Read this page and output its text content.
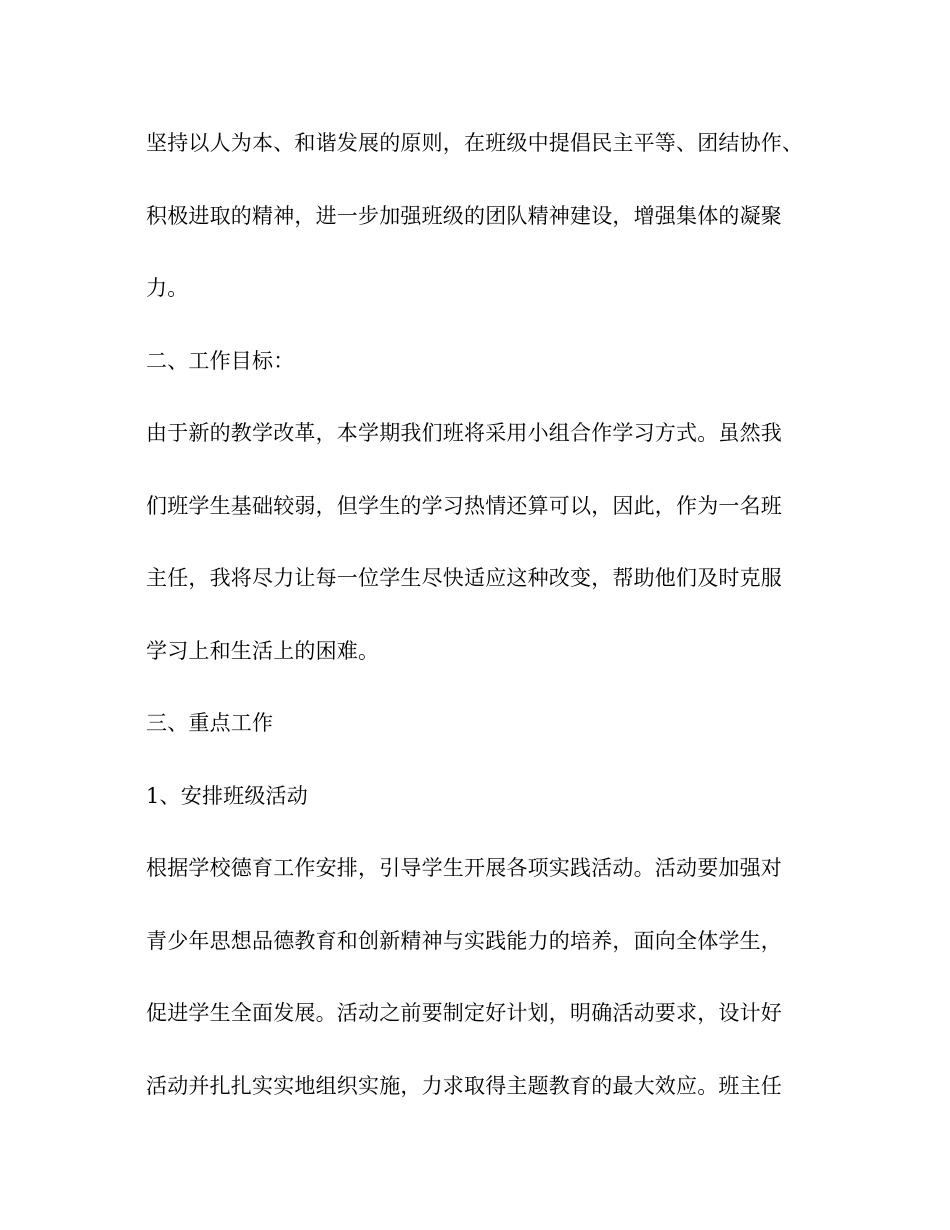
坚持以人为本、和谐发展的原则，在班级中提倡民主平等、团结协作、
积极进取的精神，进一步加强班级的团队精神建设，增强集体的凝聚
力。
二、工作目标：
由于新的教学改革，本学期我们班将采用小组合作学习方式。虽然我
们班学生基础较弱，但学生的学习热情还算可以，因此，作为一名班
主任，我将尽力让每一位学生尽快适应这种改变，帮助他们及时克服
学习上和生活上的困难。
三、重点工作
1、安排班级活动
根据学校德育工作安排，引导学生开展各项实践活动。活动要加强对
青少年思想品德教育和创新精神与实践能力的培养，面向全体学生，
促进学生全面发展。活动之前要制定好计划，明确活动要求，设计好
活动并扎扎实实地组织实施，力求取得主题教育的最大效应。班主任
